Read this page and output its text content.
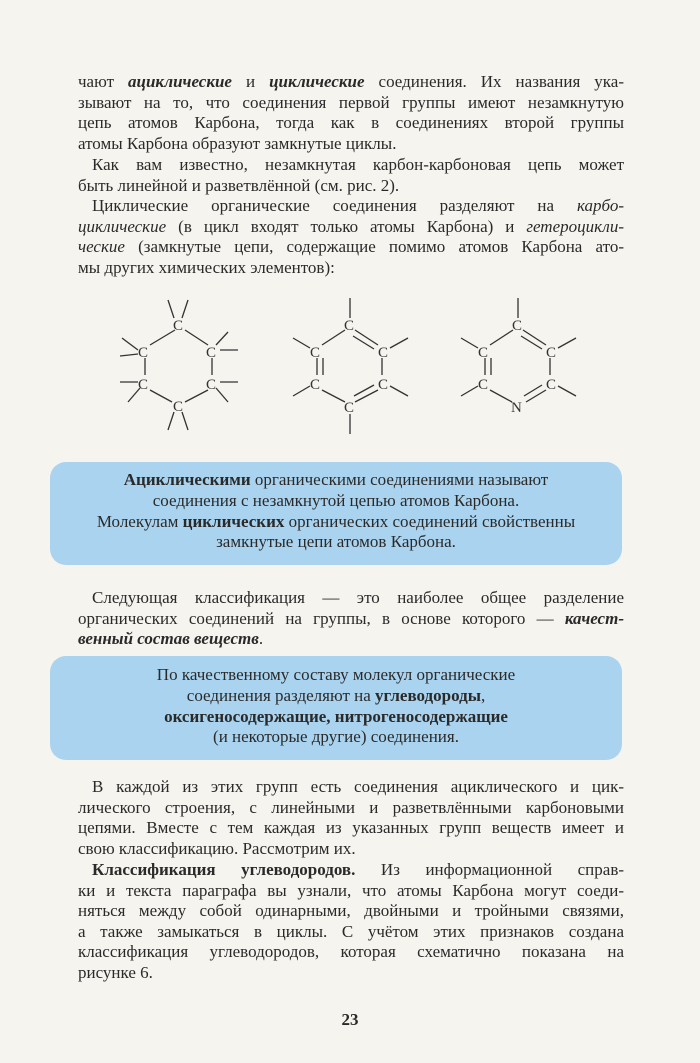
чают ациклические и циклические соединения. Их названия ука-
зывают на то, что соединения первой группы имеют незамкнутую
цепь атомов Карбона, тогда как в соединениях второй группы
атомы Карбона образуют замкнутые циклы.

Как вам известно, незамкнутая карбон-карбоновая цепь может
быть линейной и разветвлённой (см. рис. 2).

Циклические органические соединения разделяют на карбо-
циклические (в цикл входят только атомы Карбона) и гетероцикли-
ческие (замкнутые цепи, содержащие помимо атомов Карбона ато-
мы других химических элементов):

C
C	C
C	C
C
C
C	C
C	C
C
C
C	C
C	C
N
Ациклическими органическими соединениями называют
соединения с незамкнутой цепью атомов Карбона.
Молекулам циклических органических соединений свойственны
замкнутые цепи атомов Карбона.

Следующая классификация — это наиболее общее разделение
органических соединений на группы, в основе которого — качест-
венный состав веществ.

По качественному составу молекул органические
соединения разделяют на углеводороды,
оксигеносодержащие, нитрогеносодержащие
(и некоторые другие) соединения.

В каждой из этих групп есть соединения ациклического и цик-
лического строения, с линейными и разветвлёнными карбоновыми
цепями. Вместе с тем каждая из указанных групп веществ имеет и
свою классификацию. Рассмотрим их.

Классификация углеводородов. Из информационной справ-
ки и текста параграфа вы узнали, что атомы Карбона могут соеди-
няться между собой одинарными, двойными и тройными связями,
а также замыкаться в циклы. С учётом этих признаков создана
классификация углеводородов, которая схематично показана на
рисунке 6.

23
